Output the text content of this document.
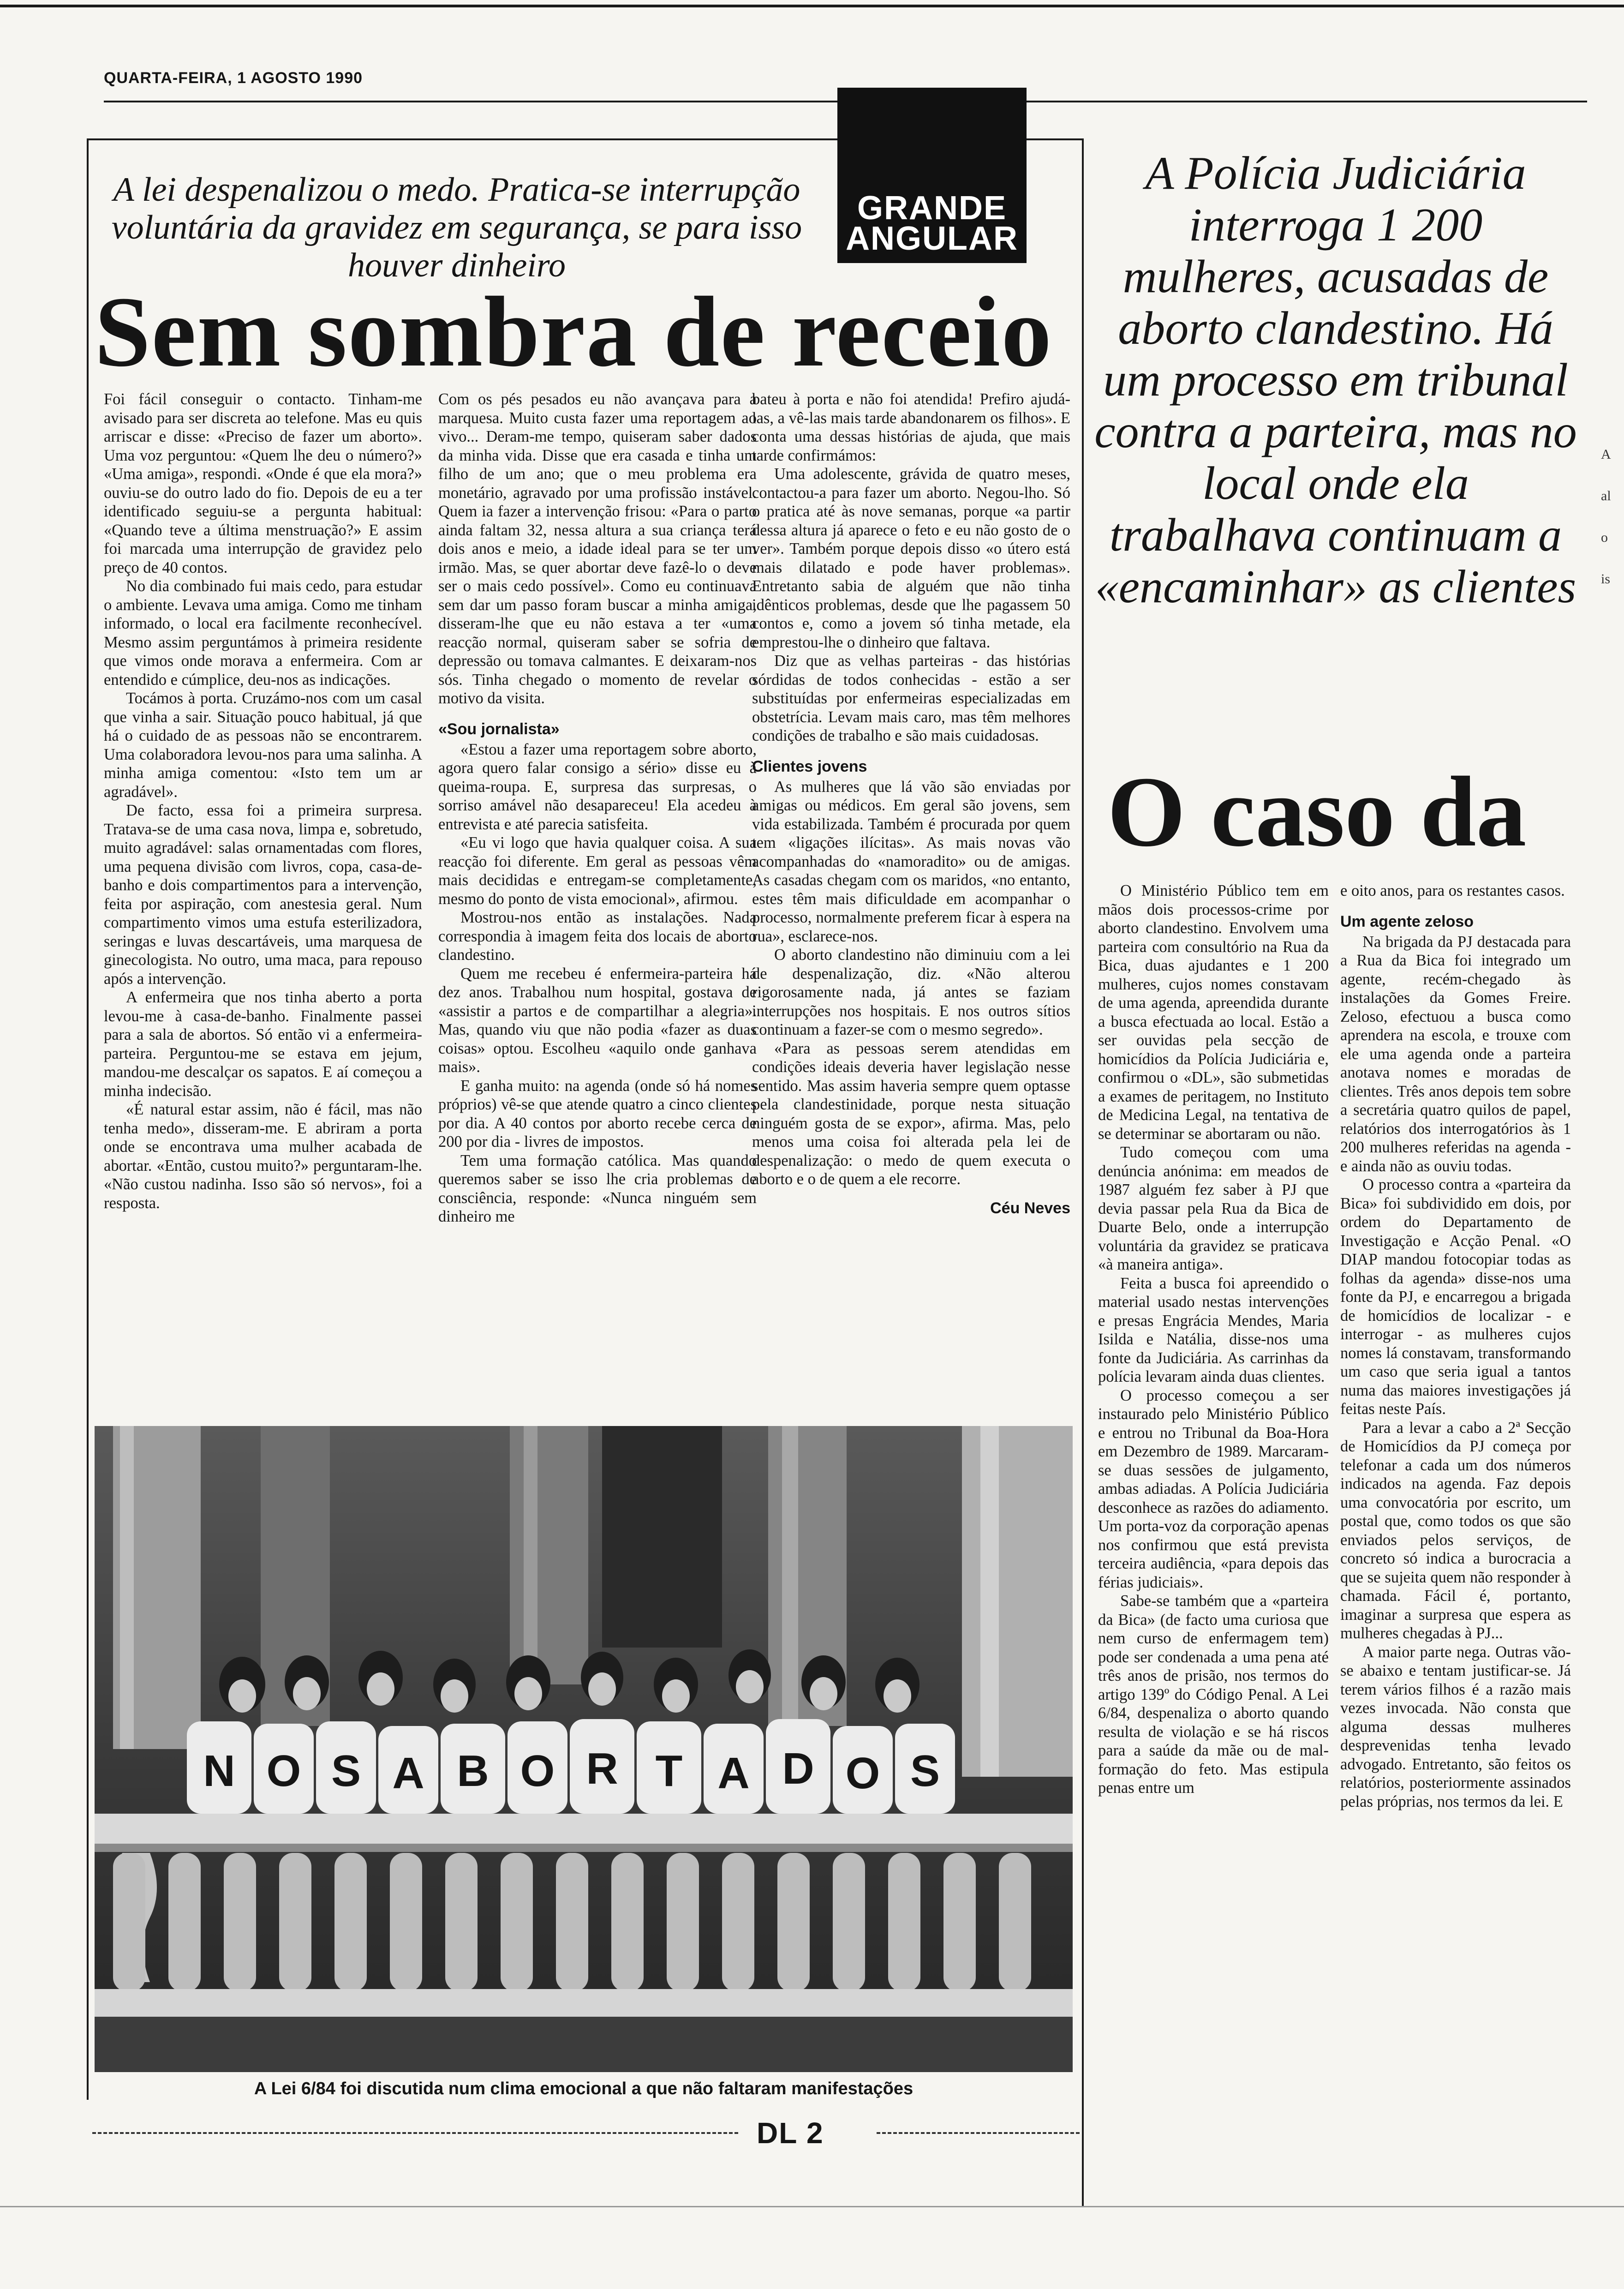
QUARTA-FEIRA, 1 AGOSTO 1990
A lei despenalizou o medo. Pratica-se interrupção voluntária da gravidez em segurança, se para isso houver dinheiro
GRANDE
ANGULAR
Sem sombra de receio

Foi fácil conseguir o contacto. Tinham-me avisado para ser discreta ao telefone. Mas eu quis arriscar e disse: «Preciso de fazer um aborto». Uma voz perguntou: «Quem lhe deu o número?» «Uma amiga», respondi. «Onde é que ela mora?» ouviu-se do outro lado do fio. Depois de eu a ter identificado seguiu-se a pergunta habitual: «Quando teve a última menstruação?» E assim foi marcada uma interrupção de gravidez pelo preço de 40 contos.

No dia combinado fui mais cedo, para estudar o ambiente. Levava uma amiga. Como me tinham informado, o local era facilmente reconhecível. Mesmo assim perguntámos à primeira residente que vimos onde morava a enfermeira. Com ar entendido e cúmplice, deu-nos as indicações.

Tocámos à porta. Cruzámo-nos com um casal que vinha a sair. Situação pouco habitual, já que há o cuidado de as pessoas não se encontrarem. Uma colaboradora levou-nos para uma salinha. A minha amiga comentou: «Isto tem um ar agradável».

De facto, essa foi a primeira surpresa. Tratava-se de uma casa nova, limpa e, sobretudo, muito agradável: salas ornamentadas com flores, uma pequena divisão com livros, copa, casa-de-banho e dois compartimentos para a intervenção, feita por aspiração, com anestesia geral. Num compartimento vimos uma estufa esterilizadora, seringas e luvas descartáveis, uma marquesa de ginecologista. No outro, uma maca, para repouso após a intervenção.

A enfermeira que nos tinha aberto a porta levou-me à casa-de-banho. Finalmente passei para a sala de abortos. Só então vi a enfermeira-parteira. Perguntou-me se estava em jejum, mandou-me descalçar os sapatos. E aí começou a minha indecisão.

«É natural estar assim, não é fácil, mas não tenha medo», disseram-me. E abriram a porta onde se encontrava uma mulher acabada de abortar. «Então, custou muito?» perguntaram-lhe. «Não custou nadinha. Isso são só nervos», foi a resposta.

Com os pés pesados eu não avançava para a marquesa. Muito custa fazer uma reportagem ao vivo... Deram-me tempo, quiseram saber dados da minha vida. Disse que era casada e tinha um filho de um ano; que o meu problema era monetário, agravado por uma profissão instável. Quem ia fazer a intervenção frisou: «Para o parto ainda faltam 32, nessa altura a sua criança terá dois anos e meio, a idade ideal para se ter um irmão. Mas, se quer abortar deve fazê-lo o deve ser o mais cedo possível». Como eu continuava sem dar um passo foram buscar a minha amiga, disseram-lhe que eu não estava a ter «uma reacção normal, quiseram saber se sofria de depressão ou tomava calmantes. E deixaram-nos sós. Tinha chegado o momento de revelar o motivo da visita.

«Sou jornalista»

«Estou a fazer uma reportagem sobre aborto, agora quero falar consigo a sério» disse eu à queima-roupa. E, surpresa das surpresas, o sorriso amável não desapareceu! Ela acedeu à entrevista e até parecia satisfeita.

«Eu vi logo que havia qualquer coisa. A sua reacção foi diferente. Em geral as pessoas vêm mais decididas e entregam-se completamente, mesmo do ponto de vista emocional», afirmou.

Mostrou-nos então as instalações. Nada correspondia à imagem feita dos locais de aborto clandestino.

Quem me recebeu é enfermeira-parteira há dez anos. Trabalhou num hospital, gostava de «assistir a partos e de compartilhar a alegria». Mas, quando viu que não podia «fazer as duas coisas» optou. Escolheu «aquilo onde ganhava mais».

E ganha muito: na agenda (onde só há nomes próprios) vê-se que atende quatro a cinco clientes por dia. A 40 contos por aborto recebe cerca de 200 por dia - livres de impostos.

Tem uma formação católica. Mas quando queremos saber se isso lhe cria problemas de consciência, responde: «Nunca ninguém sem dinheiro me

bateu à porta e não foi atendida! Prefiro ajudá-las, a vê-las mais tarde abandonarem os filhos». E conta uma dessas histórias de ajuda, que mais tarde confirmámos:

Uma adolescente, grávida de quatro meses, contactou-a para fazer um aborto. Negou-lho. Só o pratica até às nove semanas, porque «a partir dessa altura já aparece o feto e eu não gosto de o ver». Também porque depois disso «o útero está mais dilatado e pode haver problemas». Entretanto sabia de alguém que não tinha idênticos problemas, desde que lhe pagassem 50 contos e, como a jovem só tinha metade, ela emprestou-lhe o dinheiro que faltava.

Diz que as velhas parteiras - das histórias sórdidas de todos conhecidas - estão a ser substituídas por enfermeiras especializadas em obstetrícia. Levam mais caro, mas têm melhores condições de trabalho e são mais cuidadosas.

Clientes jovens

As mulheres que lá vão são enviadas por amigas ou médicos. Em geral são jovens, sem vida estabilizada. Também é procurada por quem tem «ligações ilícitas». As mais novas vão acompanhadas do «namoradito» ou de amigas. As casadas chegam com os maridos, «no entanto, estes têm mais dificuldade em acompanhar o processo, normalmente preferem ficar à espera na rua», esclarece-nos.

O aborto clandestino não diminuiu com a lei de despenalização, diz. «Não alterou rigorosamente nada, já antes se faziam interrupções nos hospitais. E nos outros sítios continuam a fazer-se com o mesmo segredo».

«Para as pessoas serem atendidas em condições ideais deveria haver legislação nesse sentido. Mas assim haveria sempre quem optasse pela clandestinidade, porque nesta situação ninguém gosta de se expor», afirma. Mas, pelo menos uma coisa foi alterada pela lei de despenalização: o medo de quem executa o aborto e o de quem a ele recorre.

Céu Neves
N O S A B O R T A D O S
A Lei 6/84 foi discutida num clima emocional a que não faltaram manifestações
DL 2
A Polícia Judiciária interroga 1 200 mulheres, acusadas de aborto clandestino. Há um processo em tribunal contra a parteira, mas no local onde ela trabalhava continuam a «encaminhar» as clientes
O caso da

O Ministério Público tem em mãos dois processos-crime por aborto clandestino. Envolvem uma parteira com consultório na Rua da Bica, duas ajudantes e 1 200 mulheres, cujos nomes constavam de uma agenda, apreendida durante a busca efectuada ao local. Estão a ser ouvidas pela secção de homicídios da Polícia Judiciária e, confirmou o «DL», são submetidas a exames de peritagem, no Instituto de Medicina Legal, na tentativa de se determinar se abortaram ou não.

Tudo começou com uma denúncia anónima: em meados de 1987 alguém fez saber à PJ que devia passar pela Rua da Bica de Duarte Belo, onde a interrupção voluntária da gravidez se praticava «à maneira antiga».

Feita a busca foi apreendido o material usado nestas intervenções e presas Engrácia Mendes, Maria Isilda e Natália, disse-nos uma fonte da Judiciária. As carrinhas da polícia levaram ainda duas clientes.

O processo começou a ser instaurado pelo Ministério Público e entrou no Tribunal da Boa-Hora em Dezembro de 1989. Marcaram-se duas sessões de julgamento, ambas adiadas. A Polícia Judiciária desconhece as razões do adiamento. Um porta-voz da corporação apenas nos confirmou que está prevista terceira audiência, «para depois das férias judiciais».

Sabe-se também que a «parteira da Bica» (de facto uma curiosa que nem curso de enfermagem tem) pode ser condenada a uma pena até três anos de prisão, nos termos do artigo 139º do Código Penal. A Lei 6/84, despenaliza o aborto quando resulta de violação e se há riscos para a saúde da mãe ou de mal-formação do feto. Mas estipula penas entre um

e oito anos, para os restantes casos.

Um agente zeloso

Na brigada da PJ destacada para a Rua da Bica foi integrado um agente, recém-chegado às instalações da Gomes Freire. Zeloso, efectuou a busca como aprendera na escola, e trouxe com ele uma agenda onde a parteira anotava nomes e moradas de clientes. Três anos depois tem sobre a secretária quatro quilos de papel, relatórios dos interrogatórios às 1 200 mulheres referidas na agenda - e ainda não as ouviu todas.

O processo contra a «parteira da Bica» foi subdividido em dois, por ordem do Departamento de Investigação e Acção Penal. «O DIAP mandou fotocopiar todas as folhas da agenda» disse-nos uma fonte da PJ, e encarregou a brigada de homicídios de localizar - e interrogar - as mulheres cujos nomes lá constavam, transformando um caso que seria igual a tantos numa das maiores investigações já feitas neste País.

Para a levar a cabo a 2ª Secção de Homicídios da PJ começa por telefonar a cada um dos números indicados na agenda. Faz depois uma convocatória por escrito, um postal que, como todos os que são enviados pelos serviços, de concreto só indica a burocracia a que se sujeita quem não responder à chamada. Fácil é, portanto, imaginar a surpresa que espera as mulheres chegadas à PJ...

A maior parte nega. Outras vão-se abaixo e tentam justificar-se. Já terem vários filhos é a razão mais vezes invocada. Não consta que alguma dessas mulheres desprevenidas tenha levado advogado. Entretanto, são feitos os relatórios, posteriormente assinados pelas próprias, nos termos da lei. E

A
al
o
is
